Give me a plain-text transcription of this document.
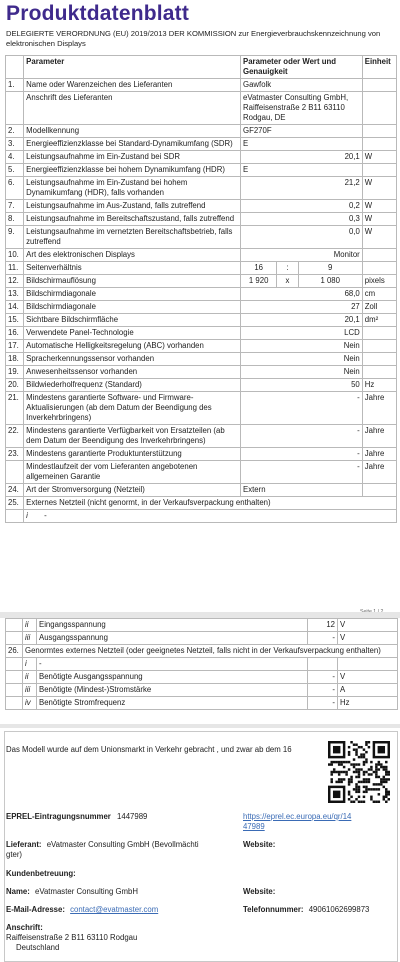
Produktdatenblatt
DELEGIERTE VERORDNUNG (EU) 2019/2013 DER KOMMISSION zur Energieverbrauchskennzeichnung von elektronischen Displays
	Parameter	Parameter oder Wert und Genauigkeit			Einheit
1.	Name oder Warenzeichen des Lieferanten	Gawfolk			
	Anschrift des Lieferanten	eVatmaster Consulting GmbH, Raiffeisenstraße 2 B11 63110 Rodgau, DE			
2.	Modellkennung	GF270F			
3.	Energieeffizienzklasse bei Standard-Dynamikumfang (SDR)	E			
4.	Leistungsaufnahme im Ein-Zustand bei SDR	20,1			W
5.	Energieeffizienzklasse bei hohem Dynamikumfang (HDR)	E			
6.	Leistungsaufnahme im Ein-Zustand bei hohem Dynamikumfang (HDR), falls vorhanden	21,2			W
7.	Leistungsaufnahme im Aus-Zustand, falls zutreffend	0,2			W
8.	Leistungsaufnahme im Bereitschaftszustand, falls zutreffend	0,3			W
9.	Leistungsaufnahme im vernetzten Bereitschaftsbetrieb, falls zutreffend	0,0			W
10.	Art des elektronischen Displays	Monitor			
11.	Seitenverhältnis	16	:	9	
12.	Bildschirmauflösung	1 920	x	1 080	pixels
13.	Bildschirmdiagonale	68,0			cm
14.	Bildschirmdiagonale	27			Zoll
15.	Sichtbare Bildschirmfläche	20,1			dm²
16.	Verwendete Panel-Technologie	LCD			
17.	Automatische Helligkeitsregelung (ABC) vorhanden	Nein			
18.	Spracherkennungssensor vorhanden	Nein			
19.	Anwesenheitssensor vorhanden	Nein			
20.	Bildwiederholfrequenz (Standard)	50			Hz
21.	Mindestens garantierte Software- und Firmware-Aktualisierungen (ab dem Datum der Beendigung des Inverkehrbringens)	-			Jahre
22.	Mindestens garantierte Verfügbarkeit von Ersatzteilen (ab dem Datum der Beendigung des Inverkehrbringens)	-			Jahre
23.	Mindestens garantierte Produktunterstützung	-			Jahre
	Mindestlaufzeit der vom Lieferanten angebotenen allgemeinen Garantie	-			Jahre
24.	Art der Stromversorgung (Netzteil)	Extern			
25.	Externes Netzteil (nicht genormt, in der Verkaufsverpackung enthalten)				
	i -				
	ii	Eingangsspannung	12	V
	iii	Ausgangsspannung	-	V
26.	Genormtes externes Netzteil (oder geeignetes Netzteil, falls nicht in der Verkaufsverpackung enthalten)			
	i	-		
	ii	Benötigte Ausgangsspannung	-	V
	iii	Benötigte (Mindest-)Stromstärke	-	A
	iv	Benötigte Stromfrequenz	-	Hz
Das Modell wurde auf dem Unionsmarkt in Verkehr gebracht , und zwar ab dem 16
EPREL-Eintragungsnummer 1447989	https://eprel.ec.europa.eu/qr/14
47989
Lieferant: eVatmaster Consulting GmbH (Bevollmächti
gter)
Website:
Kundenbetreuung:
Name: eVatmaster Consulting GmbH	Website:
E-Mail-Adresse: contact@evatmaster.com	Telefonnummer: 49061062699873
Anschrift:
Raiffeisenstraße 2 B11 63110 Rodgau
Deutschland
